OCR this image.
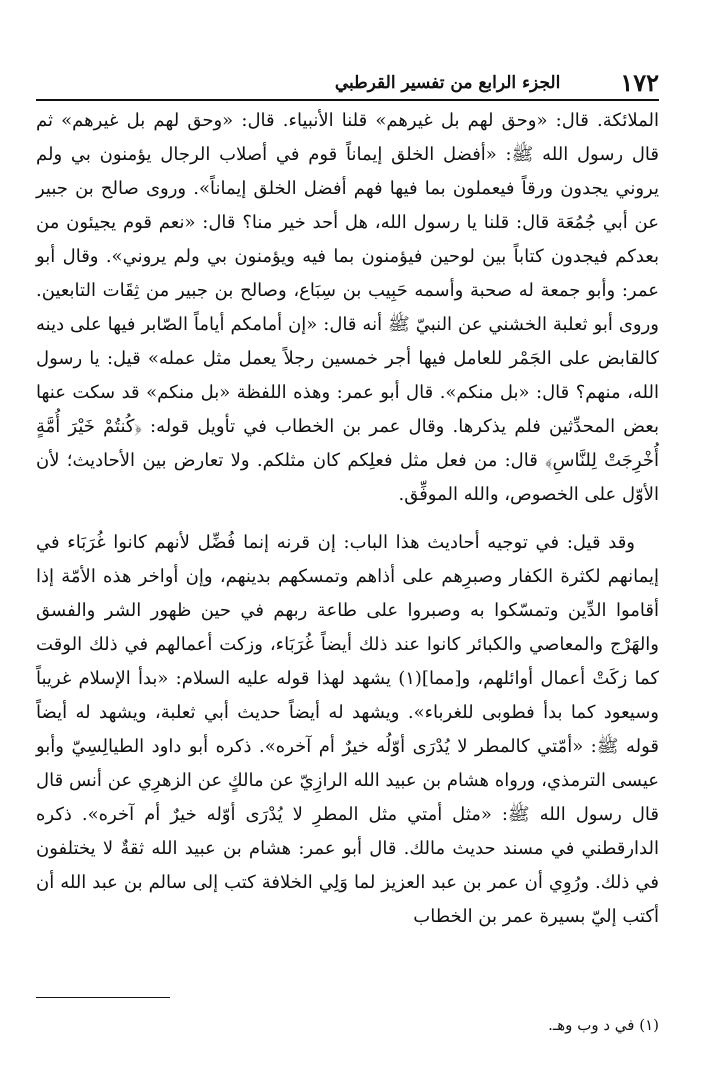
١٧٢
الجزء الرابع من تفسير القرطبي

الملائكة. قال: «وحق لهم بل غيرهم» قلنا الأنبياء. قال: «وحق لهم بل غيرهم» ثم قال رسول الله ﷺ: «أفضل الخلق إيماناً قوم في أصلاب الرجال يؤمنون بي ولم يروني يجدون ورقاً فيعملون بما فيها فهم أفضل الخلق إيماناً». وروى صالح بن جبير عن أبي جُمُعَة قال: قلنا يا رسول الله، هل أحد خير منا؟ قال: «نعم قوم يجيئون من بعدكم فيجدون كتاباً بين لوحين فيؤمنون بما فيه ويؤمنون بي ولم يروني». وقال أبو عمر: وأبو جمعة له صحبة وأسمه حَبِيب بن سِبَاع، وصالح بن جبير من ثِقَات التابعين. وروى أبو ثعلبة الخشني عن النبيّ ﷺ أنه قال: «إن أمامكم أياماً الصّابر فيها على دينه كالقابض على الجَمْر للعامل فيها أجر خمسين رجلاً يعمل مثل عمله» قيل: يا رسول الله، منهم؟ قال: «بل منكم». قال أبو عمر: وهذه اللفظة «بل منكم» قد سكت عنها بعض المحدِّثين فلم يذكرها. وقال عمر بن الخطاب في تأويل قوله: ﴿كُنتُمْ خَيْرَ أُمَّةٍ أُخْرِجَتْ لِلنَّاسِ﴾ قال: من فعل مثل فعلِكم كان مثلكم. ولا تعارض بين الأحاديث؛ لأن الأوّل على الخصوص، والله الموفِّق.

وقد قيل: في توجيه أحاديث هذا الباب: إن قرنه إنما فُضِّل لأنهم كانوا غُرَبَاء في إيمانهم لكثرة الكفار وصبرِهم على أذاهم وتمسكهم بدينهم، وإن أواخر هذه الأمّة إذا أقاموا الدِّين وتمسّكوا به وصبروا على طاعة ربهم في حين ظهور الشر والفسق والهَرْج والمعاصي والكبائر كانوا عند ذلك أيضاً غُرَبَاء، وزكت أعمالهم في ذلك الوقت كما زكَتْ أعمال أوائلهم، و[مما](١) يشهد لهذا قوله عليه السلام: «بدأ الإسلام غريباً وسيعود كما بدأ فطوبى للغرباء». ويشهد له أيضاً حديث أبي ثعلبة، ويشهد له أيضاً قوله ﷺ: «أمّتي كالمطر لا يُدْرَى أوّلُه خيرٌ أم آخره». ذكره أبو داود الطيالِسِيّ وأبو عيسى الترمذي، ورواه هشام بن عبيد الله الرازِيّ عن مالكٍ عن الزهرِي عن أنس قال قال رسول الله ﷺ: «مثل أمتي مثل المطرِ لا يُدْرَى أوّله خيرٌ أم آخره». ذكره الدارقطني في مسند حديث مالك. قال أبو عمر: هشام بن عبيد الله ثقةٌ لا يختلفون في ذلك. ورُوِي أن عمر بن عبد العزيز لما وَلِي الخلافة كتب إلى سالم بن عبد الله أن أكتب إليّ بسيرة عمر بن الخطاب

(١) في د وب وهـ.
